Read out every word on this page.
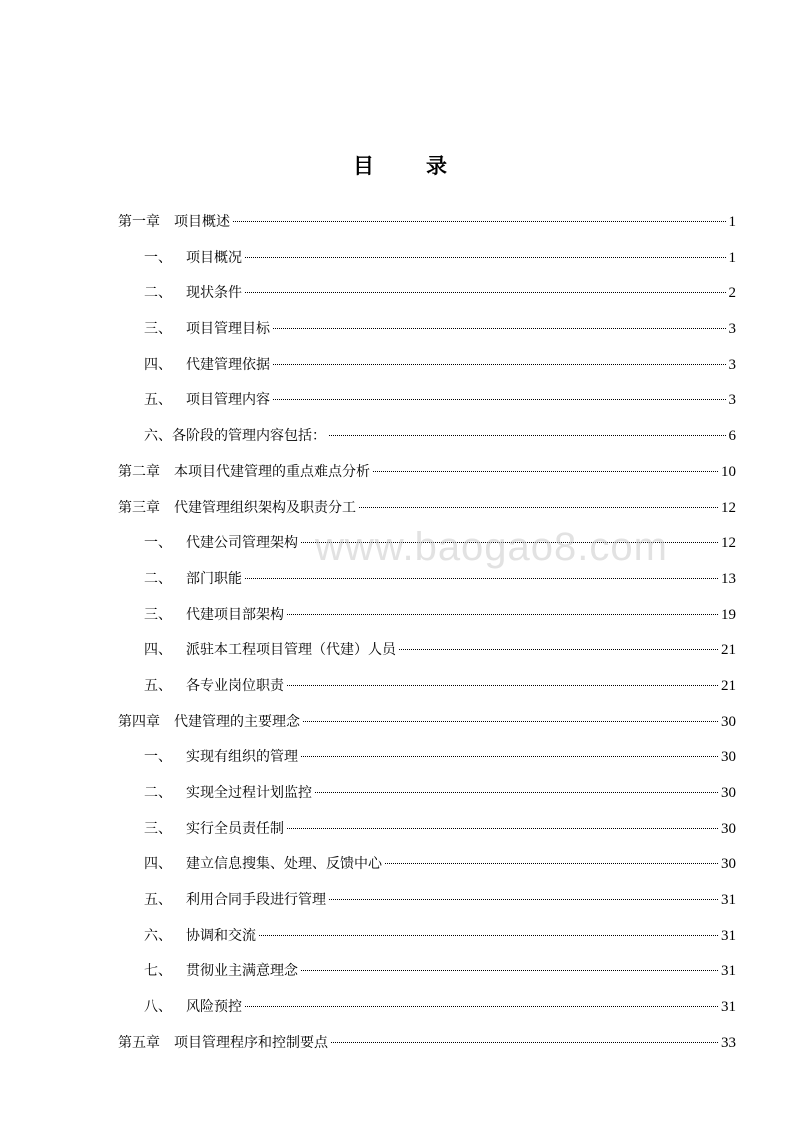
目 录
第一章 项目概述	1
一、 项目概况	1
二、 现状条件	2
三、 项目管理目标	3
四、 代建管理依据	3
五、 项目管理内容	3
六、各阶段的管理内容包括：	6
第二章 本项目代建管理的重点难点分析	10
第三章 代建管理组织架构及职责分工	12
一、 代建公司管理架构	12
二、 部门职能	13
三、 代建项目部架构	19
四、 派驻本工程项目管理（代建）人员	21
五、 各专业岗位职责	21
第四章 代建管理的主要理念	30
一、 实现有组织的管理	30
二、 实现全过程计划监控	30
三、 实行全员责任制	30
四、 建立信息搜集、处理、反馈中心	30
五、 利用合同手段进行管理	31
六、 协调和交流	31
七、 贯彻业主满意理念	31
八、 风险预控	31
第五章 项目管理程序和控制要点	33
www.baogao8.com
